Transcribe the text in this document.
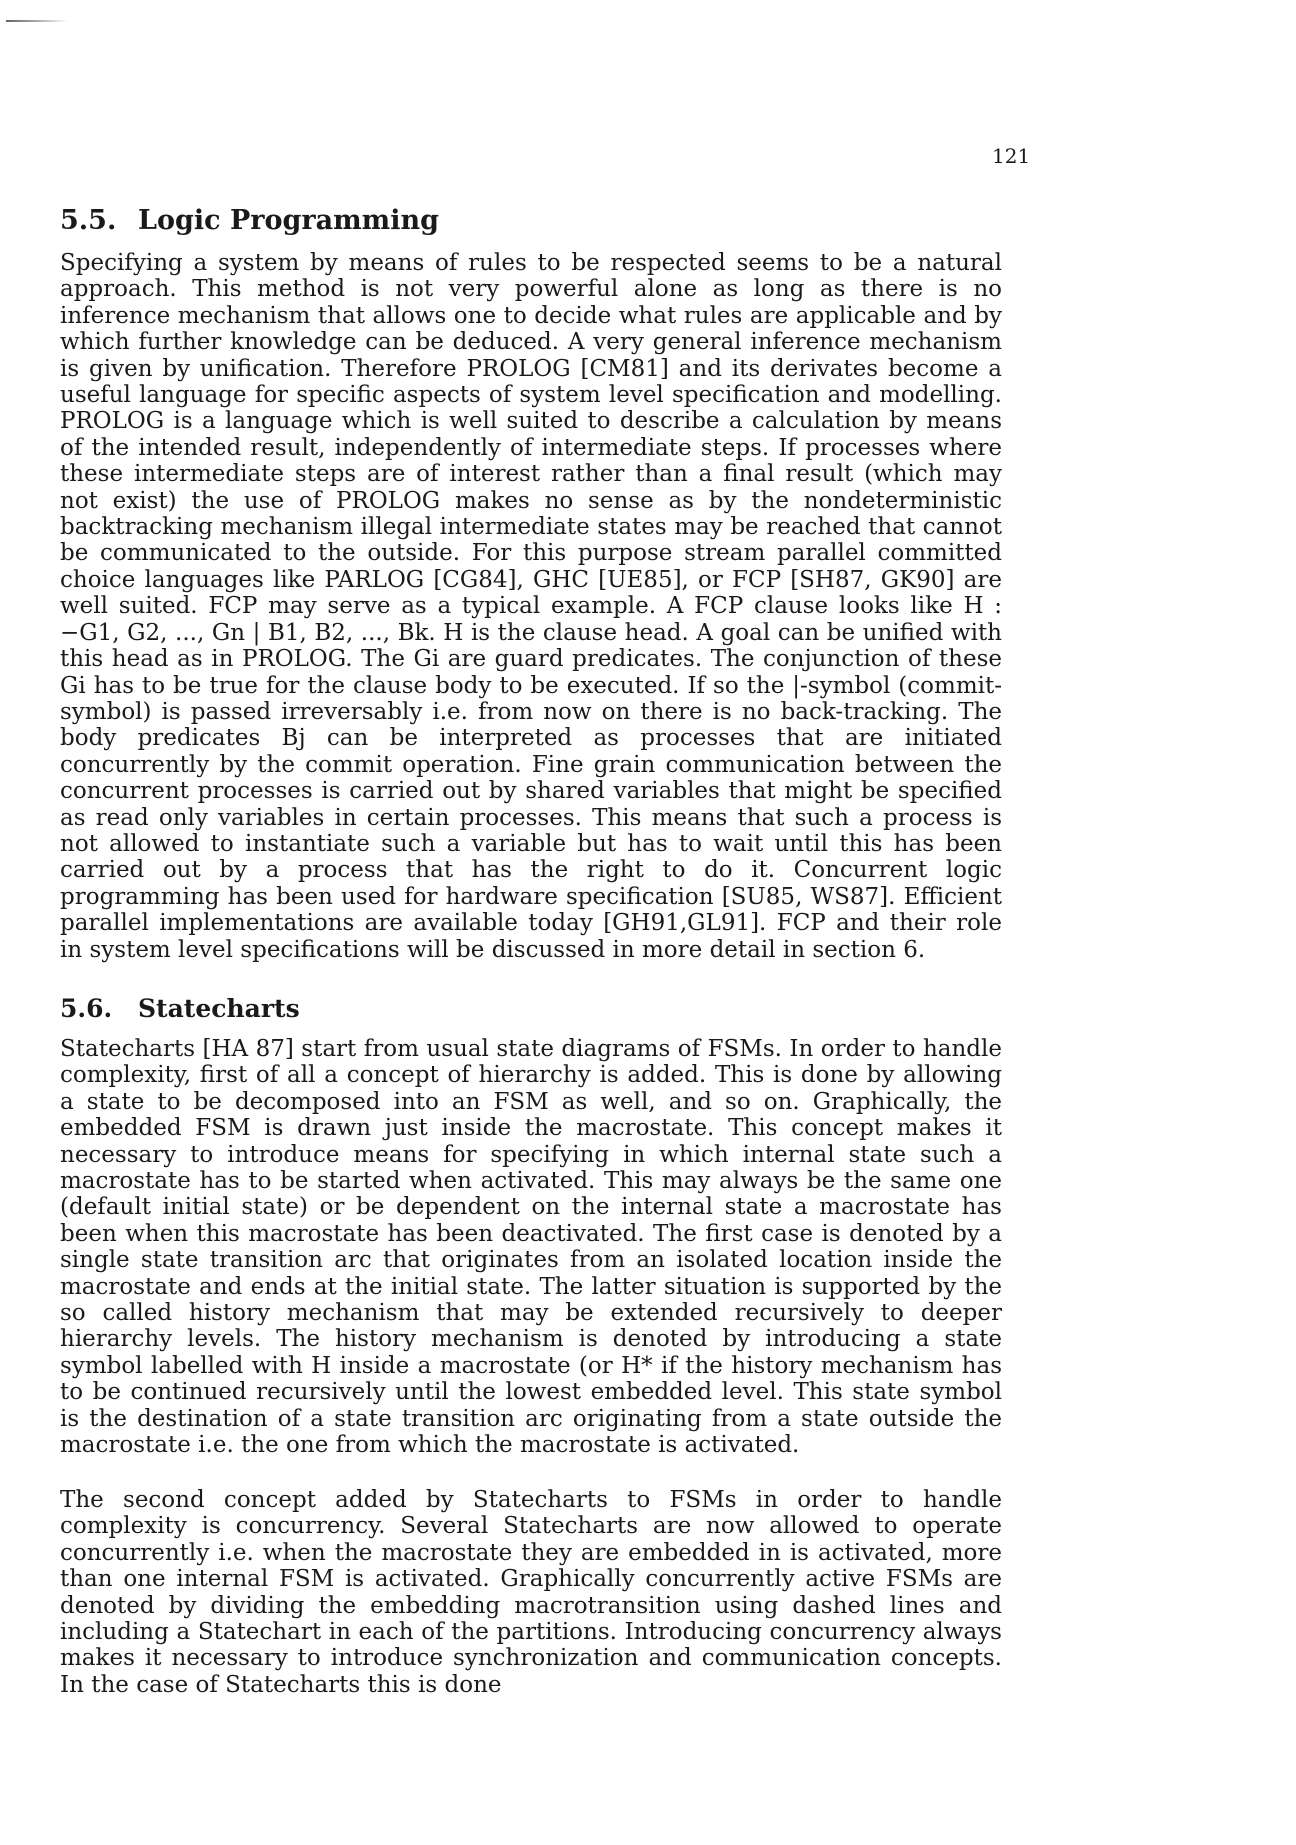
121
5.5. Logic Programming

Specifying a system by means of rules to be respected seems to be a natural approach. This method is not very powerful alone as long as there is no inference mechanism that allows one to decide what rules are applicable and by which further knowledge can be deduced. A very general inference mechanism is given by unification. Therefore PROLOG [CM81] and its derivates become a useful language for specific aspects of system level specification and modelling. PROLOG is a language which is well suited to describe a calculation by means of the intended result, independently of intermediate steps. If processes where these intermediate steps are of interest rather than a final result (which may not exist) the use of PROLOG makes no sense as by the nondeterministic backtracking mechanism illegal intermediate states may be reached that cannot be communicated to the outside. For this purpose stream parallel committed choice languages like PARLOG [CG84], GHC [UE85], or FCP [SH87, GK90] are well suited. FCP may serve as a typical example. A FCP clause looks like H : −G1, G2, ..., Gn | B1, B2, ..., Bk. H is the clause head. A goal can be unified with this head as in PROLOG. The Gi are guard predicates. The conjunction of these Gi has to be true for the clause body to be executed. If so the |-symbol (commit-symbol) is passed irreversably i.e. from now on there is no back-tracking. The body predicates Bj can be interpreted as processes that are initiated concurrently by the commit operation. Fine grain communication between the concurrent processes is carried out by shared variables that might be specified as read only variables in certain processes. This means that such a process is not allowed to instantiate such a variable but has to wait until this has been carried out by a process that has the right to do it. Concurrent logic programming has been used for hardware specification [SU85, WS87]. Efficient parallel implementations are available today [GH91,GL91]. FCP and their role in system level specifications will be discussed in more detail in section 6.

5.6. Statecharts

Statecharts [HA 87] start from usual state diagrams of FSMs. In order to handle complexity, first of all a concept of hierarchy is added. This is done by allowing a state to be decomposed into an FSM as well, and so on. Graphically, the embedded FSM is drawn just inside the macrostate. This concept makes it necessary to introduce means for specifying in which internal state such a macrostate has to be started when activated. This may always be the same one (default initial state) or be dependent on the internal state a macrostate has been when this macrostate has been deactivated. The first case is denoted by a single state transition arc that originates from an isolated location inside the macrostate and ends at the initial state. The latter situation is supported by the so called history mechanism that may be extended recursively to deeper hierarchy levels. The history mechanism is denoted by introducing a state symbol labelled with H inside a macrostate (or H* if the history mechanism has to be continued recursively until the lowest embedded level. This state symbol is the destination of a state transition arc originating from a state outside the macrostate i.e. the one from which the macrostate is activated.

The second concept added by Statecharts to FSMs in order to handle complexity is concurrency. Several Statecharts are now allowed to operate concurrently i.e. when the macrostate they are embedded in is activated, more than one internal FSM is activated. Graphically concurrently active FSMs are denoted by dividing the embedding macrotransition using dashed lines and including a Statechart in each of the partitions. Introducing concurrency always makes it necessary to introduce synchronization and communication concepts. In the case of Statecharts this is done
